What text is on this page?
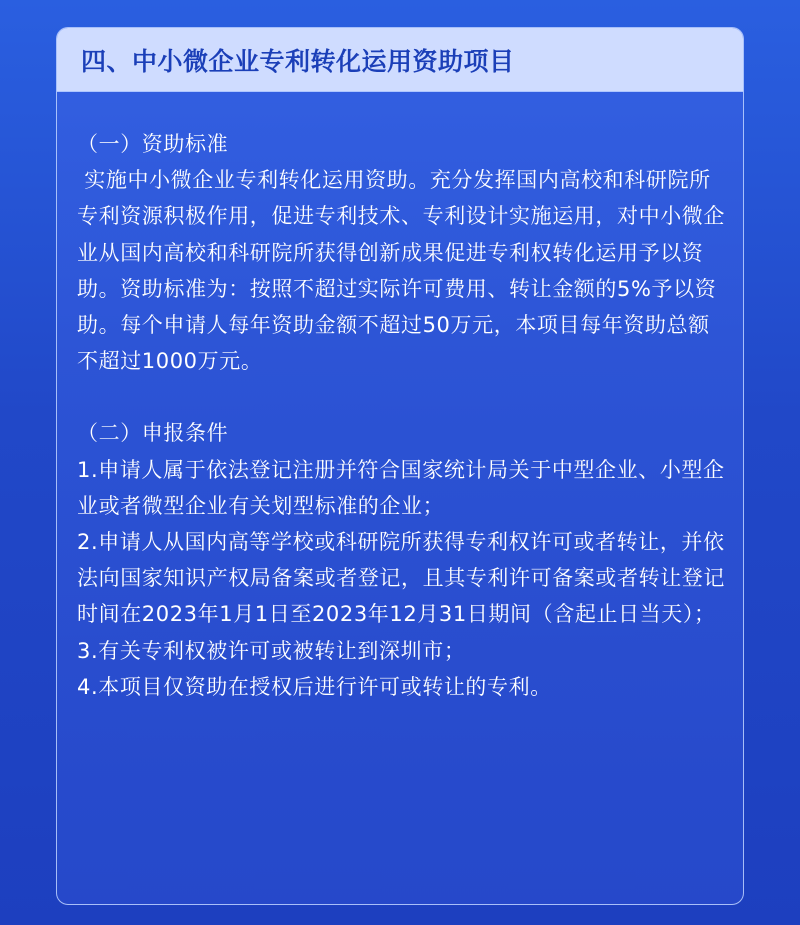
四、中小微企业专利转化运用资助项目

（一）资助标准

实施中小微企业专利转化运用资助。充分发挥国内高校和科研院所专利资源积极作用，促进专利技术、专利设计实施运用，对中小微企业从国内高校和科研院所获得创新成果促进专利权转化运用予以资助。资助标准为：按照不超过实际许可费用、转让金额的5%予以资助。每个申请人每年资助金额不超过50万元，本项目每年资助总额不超过1000万元。

（二）申报条件

1.申请人属于依法登记注册并符合国家统计局关于中型企业、小型企业或者微型企业有关划型标准的企业；

2.申请人从国内高等学校或科研院所获得专利权许可或者转让，并依法向国家知识产权局备案或者登记，且其专利许可备案或者转让登记时间在2023年1月1日至2023年12月31日期间（含起止日当天）；

3.有关专利权被许可或被转让到深圳市；

4.本项目仅资助在授权后进行许可或转让的专利。
